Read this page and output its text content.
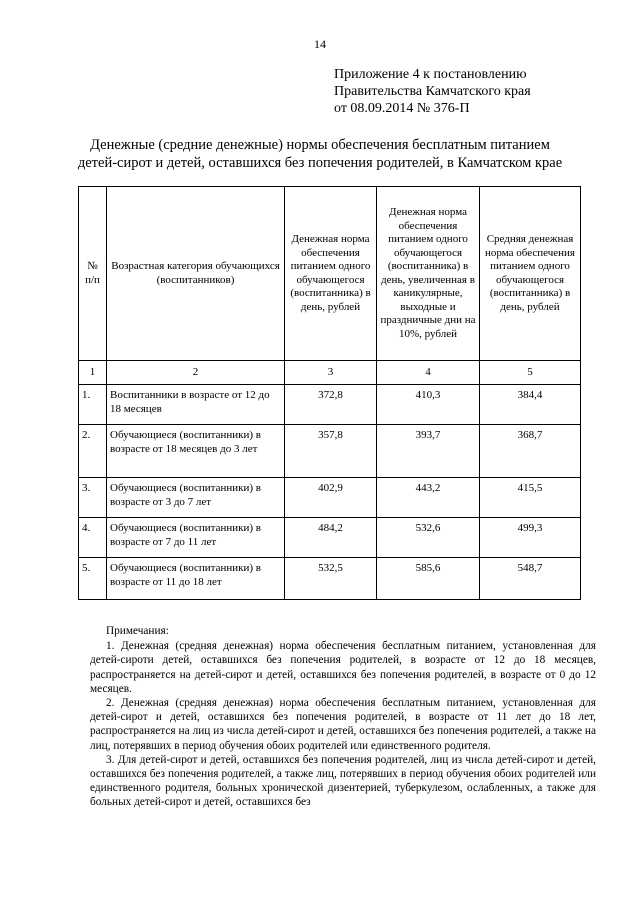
14
Приложение 4 к постановлению
Правительства Камчатского края
от 08.09.2014 № 376-П
Денежные (средние денежные) нормы обеспечения бесплатным питанием
детей-сирот и детей, оставшихся без попечения родителей, в Камчатском крае
№ п/п	Возрастная категория обучающихся (воспитанников)	Денежная норма обеспечения питанием одного обучающегося (воспитанника) в день, рублей	Денежная норма обеспечения питанием одного обучающегося (воспитанника) в день, увеличенная в каникулярные, выходные и праздничные дни на 10%, рублей	Средняя денежная норма обеспечения питанием одного обучающегося (воспитанника) в день, рублей
1	2	3	4	5
1.	Воспитанники в возрасте от 12 до 18 месяцев	372,8	410,3	384,4
2.	Обучающиеся (воспитанники) в возрасте от 18 месяцев до 3 лет	357,8	393,7	368,7
3.	Обучающиеся (воспитанники) в возрасте от 3 до 7 лет	402,9	443,2	415,5
4.	Обучающиеся (воспитанники) в возрасте от 7 до 11 лет	484,2	532,6	499,3
5.	Обучающиеся (воспитанники) в возрасте от 11 до 18 лет	532,5	585,6	548,7
Примечания:

1. Денежная (средняя денежная) норма обеспечения бесплатным питанием, установленная для детей-сироти детей, оставшихся без попечения родителей, в возрасте от 12 до 18 месяцев, распространяется на детей-сирот и детей, оставшихся без попечения родителей, в возрасте от 0 до 12 месяцев.

2. Денежная (средняя денежная) норма обеспечения бесплатным питанием, установленная для детей-сирот и детей, оставшихся без попечения родителей, в возрасте от 11 лет до 18 лет, распространяется на лиц из числа детей-сирот и детей, оставшихся без попечения родителей, а также на лиц, потерявших в период обучения обоих родителей или единственного родителя.

3. Для детей-сирот и детей, оставшихся без попечения родителей, лиц из числа детей-сирот и детей, оставшихся без попечения родителей, а также лиц, потерявших в период обучения обоих родителей или единственного родителя, больных хронической дизентерией, туберкулезом, ослабленных, а также для больных детей-сирот и детей, оставшихся без
